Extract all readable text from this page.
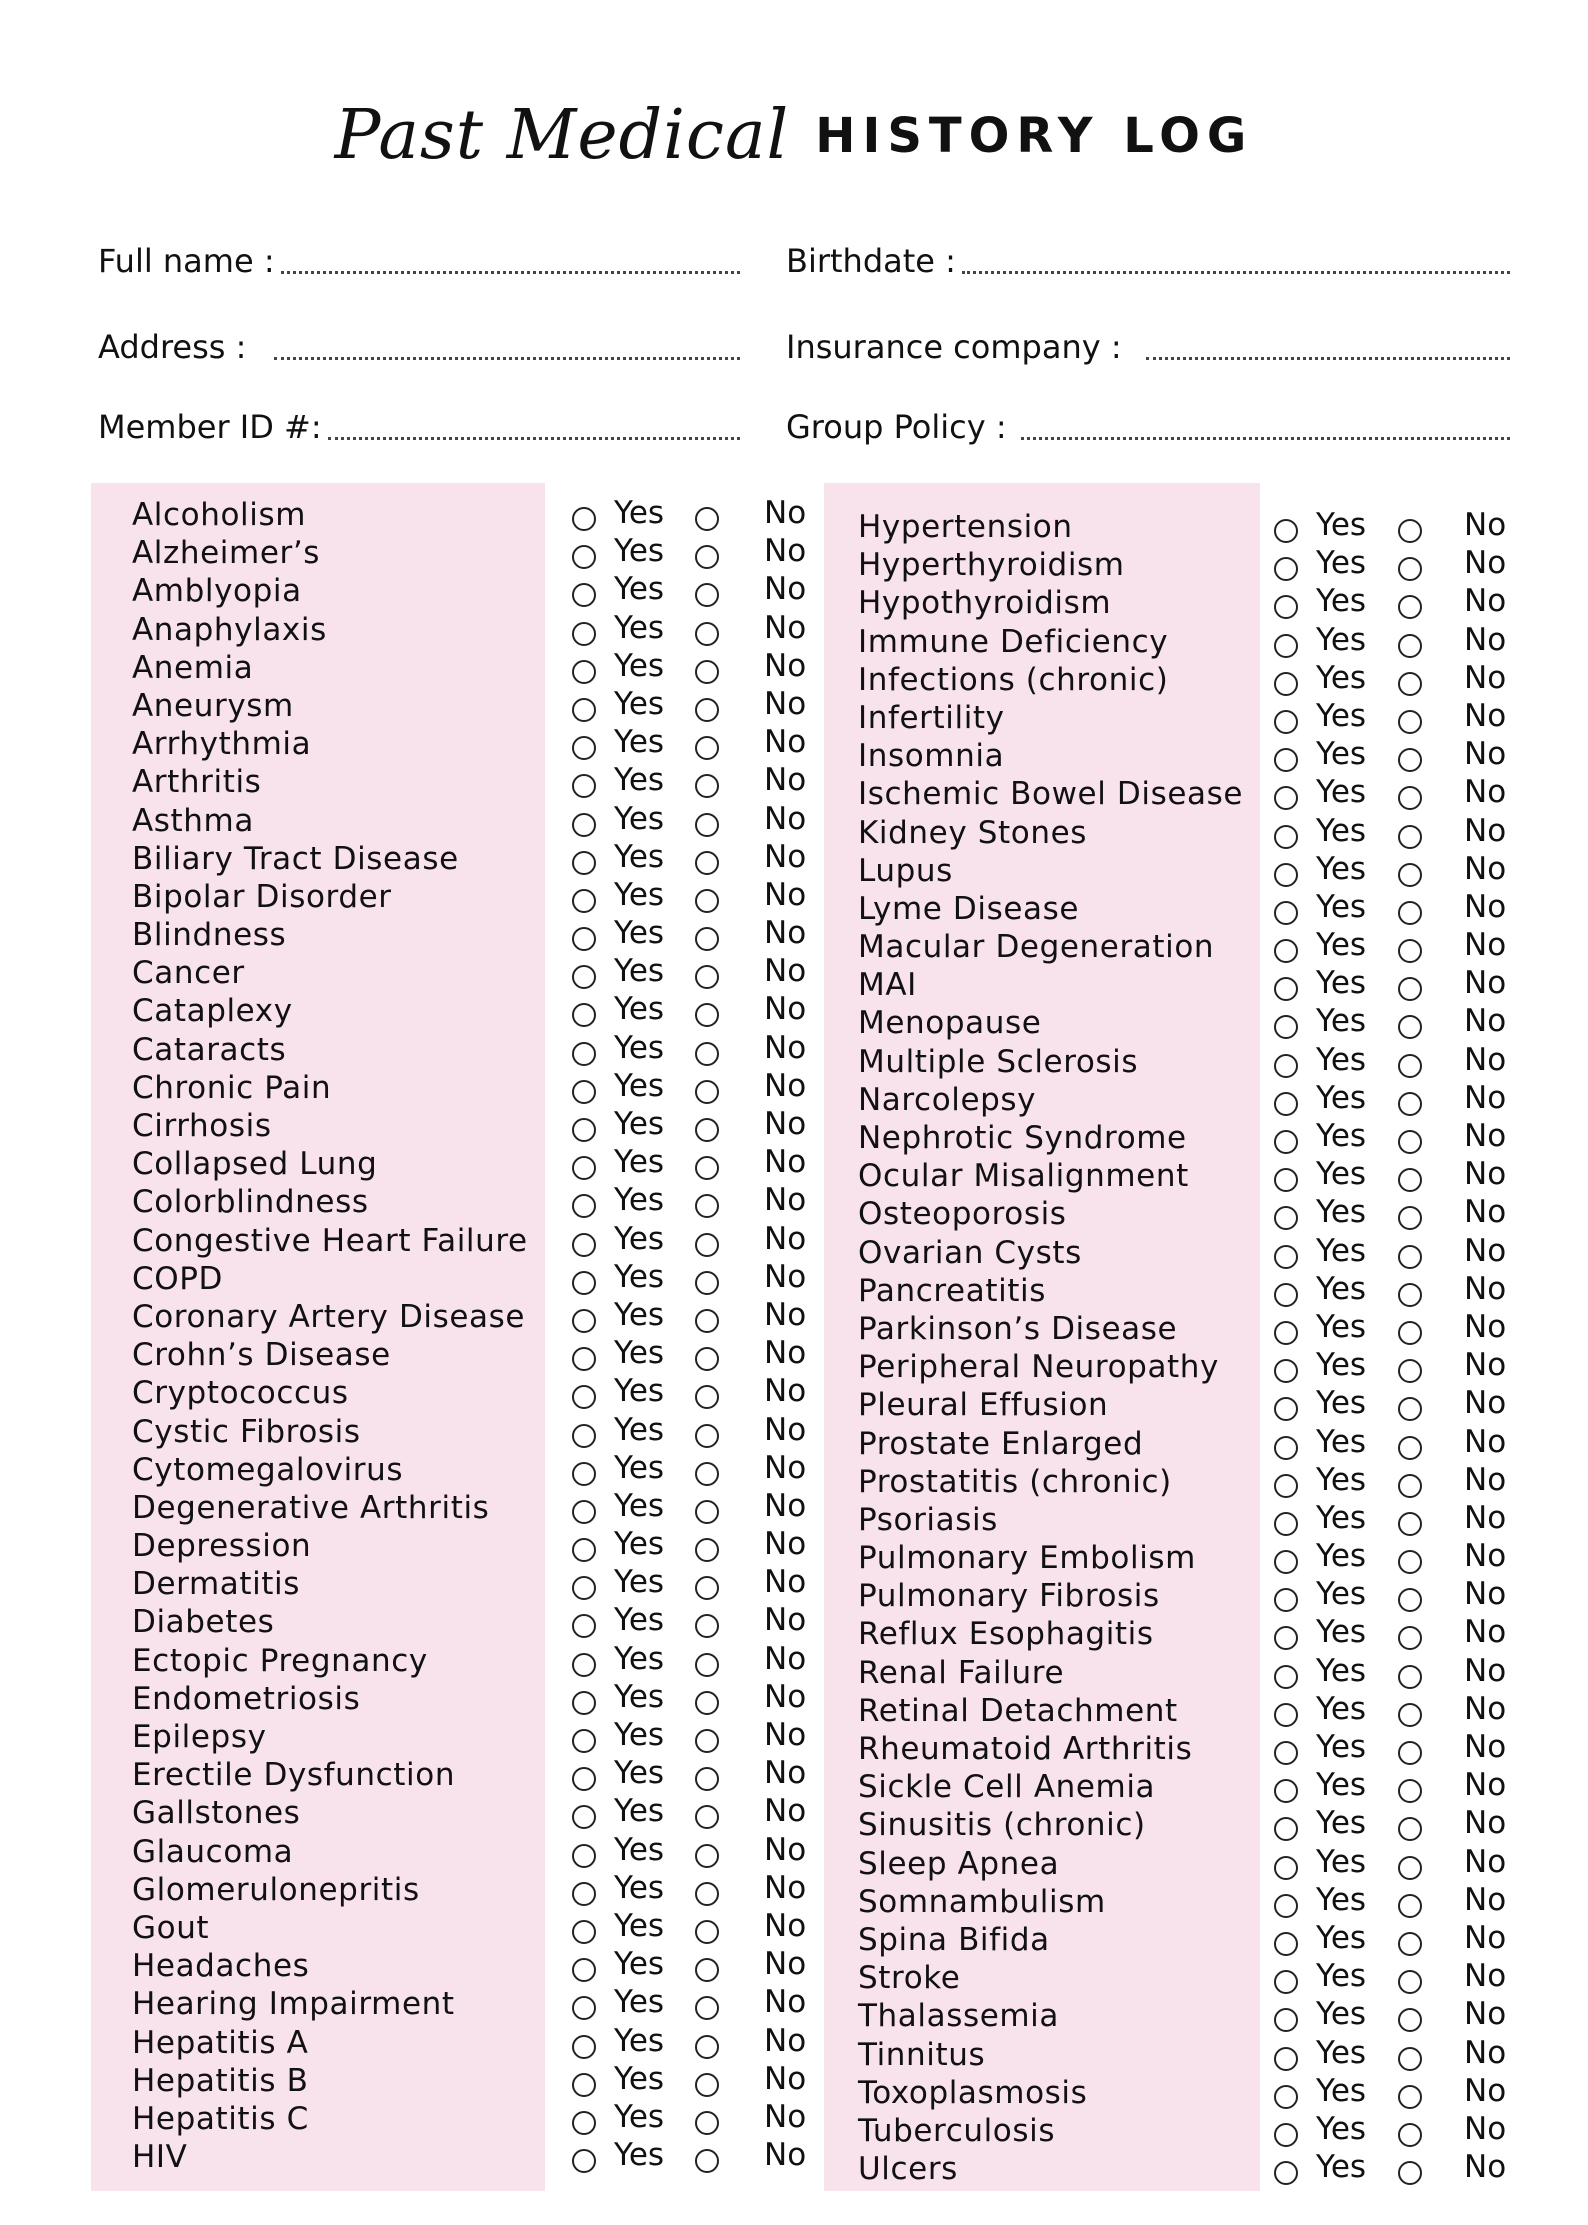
Past Medical HISTORY LOG
Full name :	Birthdate :
Address :	Insurance company :
Member ID #:	Group Policy :
Alcoholism	Yes	No
Alzheimer’s	Yes	No
Amblyopia	Yes	No
Anaphylaxis	Yes	No
Anemia	Yes	No
Aneurysm	Yes	No
Arrhythmia	Yes	No
Arthritis	Yes	No
Asthma	Yes	No
Biliary Tract Disease	Yes	No
Bipolar Disorder	Yes	No
Blindness	Yes	No
Cancer	Yes	No
Cataplexy	Yes	No
Cataracts	Yes	No
Chronic Pain	Yes	No
Cirrhosis	Yes	No
Collapsed Lung	Yes	No
Colorblindness	Yes	No
Congestive Heart Failure	Yes	No
COPD	Yes	No
Coronary Artery Disease	Yes	No
Crohn’s Disease	Yes	No
Cryptococcus	Yes	No
Cystic Fibrosis	Yes	No
Cytomegalovirus	Yes	No
Degenerative Arthritis	Yes	No
Depression	Yes	No
Dermatitis	Yes	No
Diabetes	Yes	No
Ectopic Pregnancy	Yes	No
Endometriosis	Yes	No
Epilepsy	Yes	No
Erectile Dysfunction	Yes	No
Gallstones	Yes	No
Glaucoma	Yes	No
Glomerulonepritis	Yes	No
Gout	Yes	No
Headaches	Yes	No
Hearing Impairment	Yes	No
Hepatitis A	Yes	No
Hepatitis B	Yes	No
Hepatitis C	Yes	No
HIV	Yes	No
Hypertension	Yes	No
Hyperthyroidism	Yes	No
Hypothyroidism	Yes	No
Immune Deficiency	Yes	No
Infections (chronic)	Yes	No
Infertility	Yes	No
Insomnia	Yes	No
Ischemic Bowel Disease Yes	No
Kidney Stones	Yes	No
Lupus	Yes	No
Lyme Disease	Yes	No
Macular Degeneration	Yes	No
MAI	Yes	No
Menopause	Yes	No
Multiple Sclerosis	Yes	No
Narcolepsy	Yes	No
Nephrotic Syndrome	Yes	No
Ocular Misalignment	Yes	No
Osteoporosis	Yes	No
Ovarian Cysts	Yes	No
Pancreatitis	Yes	No
Parkinson’s Disease	Yes	No
Peripheral Neuropathy	Yes	No
Pleural Effusion	Yes	No
Prostate Enlarged	Yes	No
Prostatitis (chronic)	Yes	No
Psoriasis	Yes	No
Pulmonary Embolism	Yes	No
Pulmonary Fibrosis	Yes	No
Reflux Esophagitis	Yes	No
Renal Failure	Yes	No
Retinal Detachment	Yes	No
Rheumatoid Arthritis	Yes	No
Sickle Cell Anemia	Yes	No
Sinusitis (chronic)	Yes	No
Sleep Apnea	Yes	No
Somnambulism	Yes	No
Spina Bifida	Yes	No
Stroke	Yes	No
Thalassemia	Yes	No
Tinnitus	Yes	No
Toxoplasmosis	Yes	No
Tuberculosis	Yes	No
Ulcers	Yes	No
